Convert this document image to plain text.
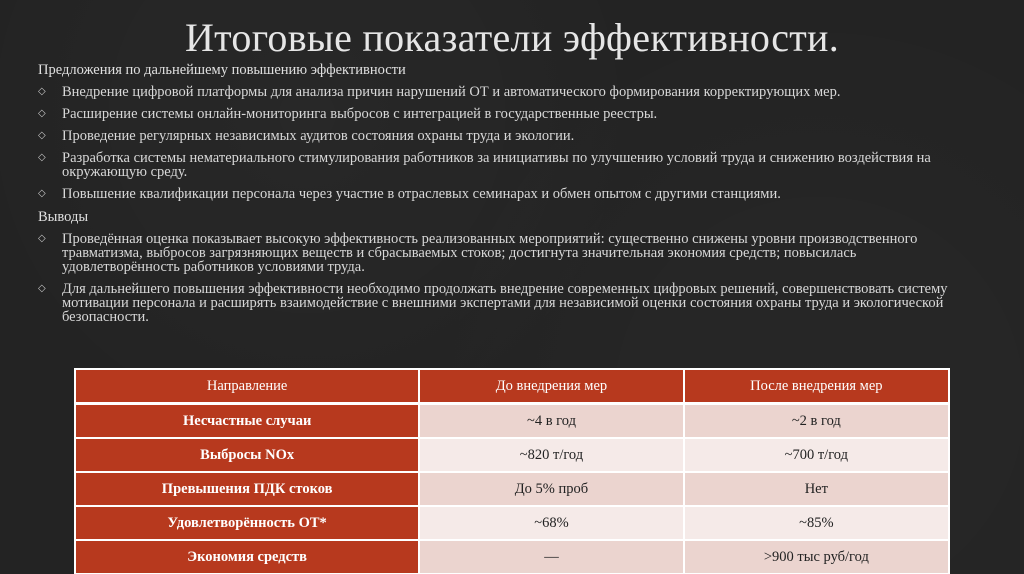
Итоговые показатели эффективности.
Предложения по дальнейшему повышению эффективности
◇ Внедрение цифровой платформы для анализа причин нарушений ОТ и автоматического формирования корректирующих мер.
◇ Расширение системы онлайн-мониторинга выбросов с интеграцией в государственные реестры.
◇ Проведение регулярных независимых аудитов состояния охраны труда и экологии.
◇ Разработка системы нематериального стимулирования работников за инициативы по улучшению условий труда и снижению воздействия на окружающую среду.
◇ Повышение квалификации персонала через участие в отраслевых семинарах и обмен опытом с другими станциями.
Выводы
◇ Проведённая оценка показывает высокую эффективность реализованных мероприятий: существенно снижены уровни производственного травматизма, выбросов загрязняющих веществ и сбрасываемых стоков; достигнута значительная экономия средств; повысилась удовлетворённость работников условиями труда.
◇ Для дальнейшего повышения эффективности необходимо продолжать внедрение современных цифровых решений, совершенствовать систему мотивации персонала и расширять взаимодействие с внешними экспертами для независимой оценки состояния охраны труда и экологической безопасности.
Направление	До внедрения мер	После внедрения мер
Несчастные случаи	~4 в год	~2 в год
Выбросы NOx	~820 т/год	~700 т/год
Превышения ПДК стоков	До 5% проб	Нет
Удовлетворённость ОТ*	~68%	~85%
Экономия средств	—	>900 тыс руб/год
